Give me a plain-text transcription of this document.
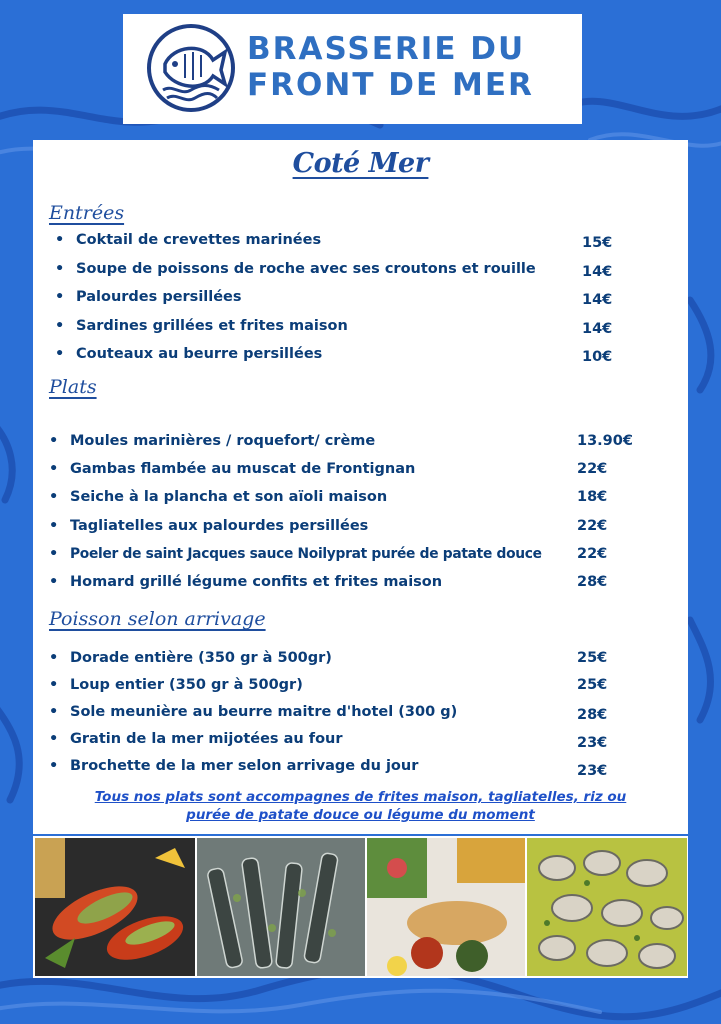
BRASSERIE DU
FRONT DE MER
Coté Mer
Entrées
• Coktail de crevettes marinées	15€
• Soupe de poissons de roche avec ses croutons et rouille	14€
• Palourdes persillées	14€
• Sardines grillées et frites maison	14€
• Couteaux au beurre persillées	10€
Plats
• Moules marinières / roquefort/ crème	13.90€
• Gambas flambée au muscat de Frontignan	22€
• Seiche à la plancha et son aïoli maison	18€
• Tagliatelles aux palourdes persillées	22€
• Poeler de saint Jacques sauce Noilyprat purée de patate douce 22€
• Homard grillé légume confits et frites maison	28€
Poisson selon arrivage
• Dorade entière (350 gr à 500gr)	25€
• Loup entier (350 gr à 500gr)	25€
• Sole meunière au beurre maitre d'hotel (300 g)	28€
• Gratin de la mer mijotées au four	23€
• Brochette de la mer selon arrivage du jour	23€
Tous nos plats sont accompagnes de frites maison, tagliatelles, riz ou
purée de patate douce ou légume du moment
